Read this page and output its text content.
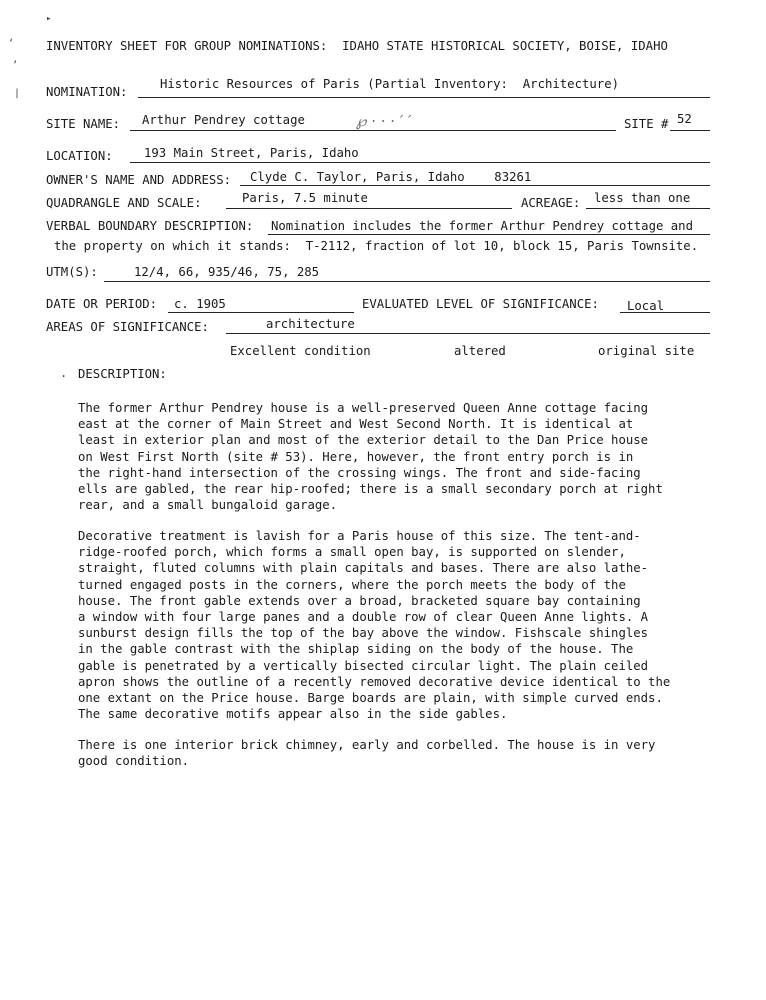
▸
‘
’
|
INVENTORY SHEET FOR GROUP NOMINATIONS:  IDAHO STATE HISTORICAL SOCIETY, BOISE, IDAHO
NOMINATION:
Historic Resources of Paris (Partial Inventory:  Architecture)
SITE NAME: Arthur Pendrey cottage	℘ · · · ′ ′	SITE # 52
LOCATION:	193 Main Street, Paris, Idaho
OWNER'S NAME AND ADDRESS: Clyde C. Taylor, Paris, Idaho    83261
QUADRANGLE AND SCALE:	Paris, 7.5 minute	ACREAGE: less than one
VERBAL BOUNDARY DESCRIPTION: Nomination includes the former Arthur Pendrey cottage and
the property on which it stands:  T-2112, fraction of lot 10, block 15, Paris Townsite.
UTM(S):	12/4, 66, 935/46, 75, 285
DATE OR PERIOD: c. 1905	EVALUATED LEVEL OF SIGNIFICANCE: Local
AREAS OF SIGNIFICANCE:	architecture
Excellent condition	altered	original site
DESCRIPTION:
.
The former Arthur Pendrey house is a well-preserved Queen Anne cottage facing
east at the corner of Main Street and West Second North. It is identical at
least in exterior plan and most of the exterior detail to the Dan Price house
on West First North (site # 53). Here, however, the front entry porch is in
the right-hand intersection of the crossing wings. The front and side-facing
ells are gabled, the rear hip-roofed; there is a small secondary porch at right
rear, and a small bungaloid garage.
Decorative treatment is lavish for a Paris house of this size. The tent-and-
ridge-roofed porch, which forms a small open bay, is supported on slender,
straight, fluted columns with plain capitals and bases. There are also lathe-
turned engaged posts in the corners, where the porch meets the body of the
house. The front gable extends over a broad, bracketed square bay containing
a window with four large panes and a double row of clear Queen Anne lights. A
sunburst design fills the top of the bay above the window. Fishscale shingles
in the gable contrast with the shiplap siding on the body of the house. The
gable is penetrated by a vertically bisected circular light. The plain ceiled
apron shows the outline of a recently removed decorative device identical to the
one extant on the Price house. Barge boards are plain, with simple curved ends.
The same decorative motifs appear also in the side gables.
There is one interior brick chimney, early and corbelled. The house is in very
good condition.
